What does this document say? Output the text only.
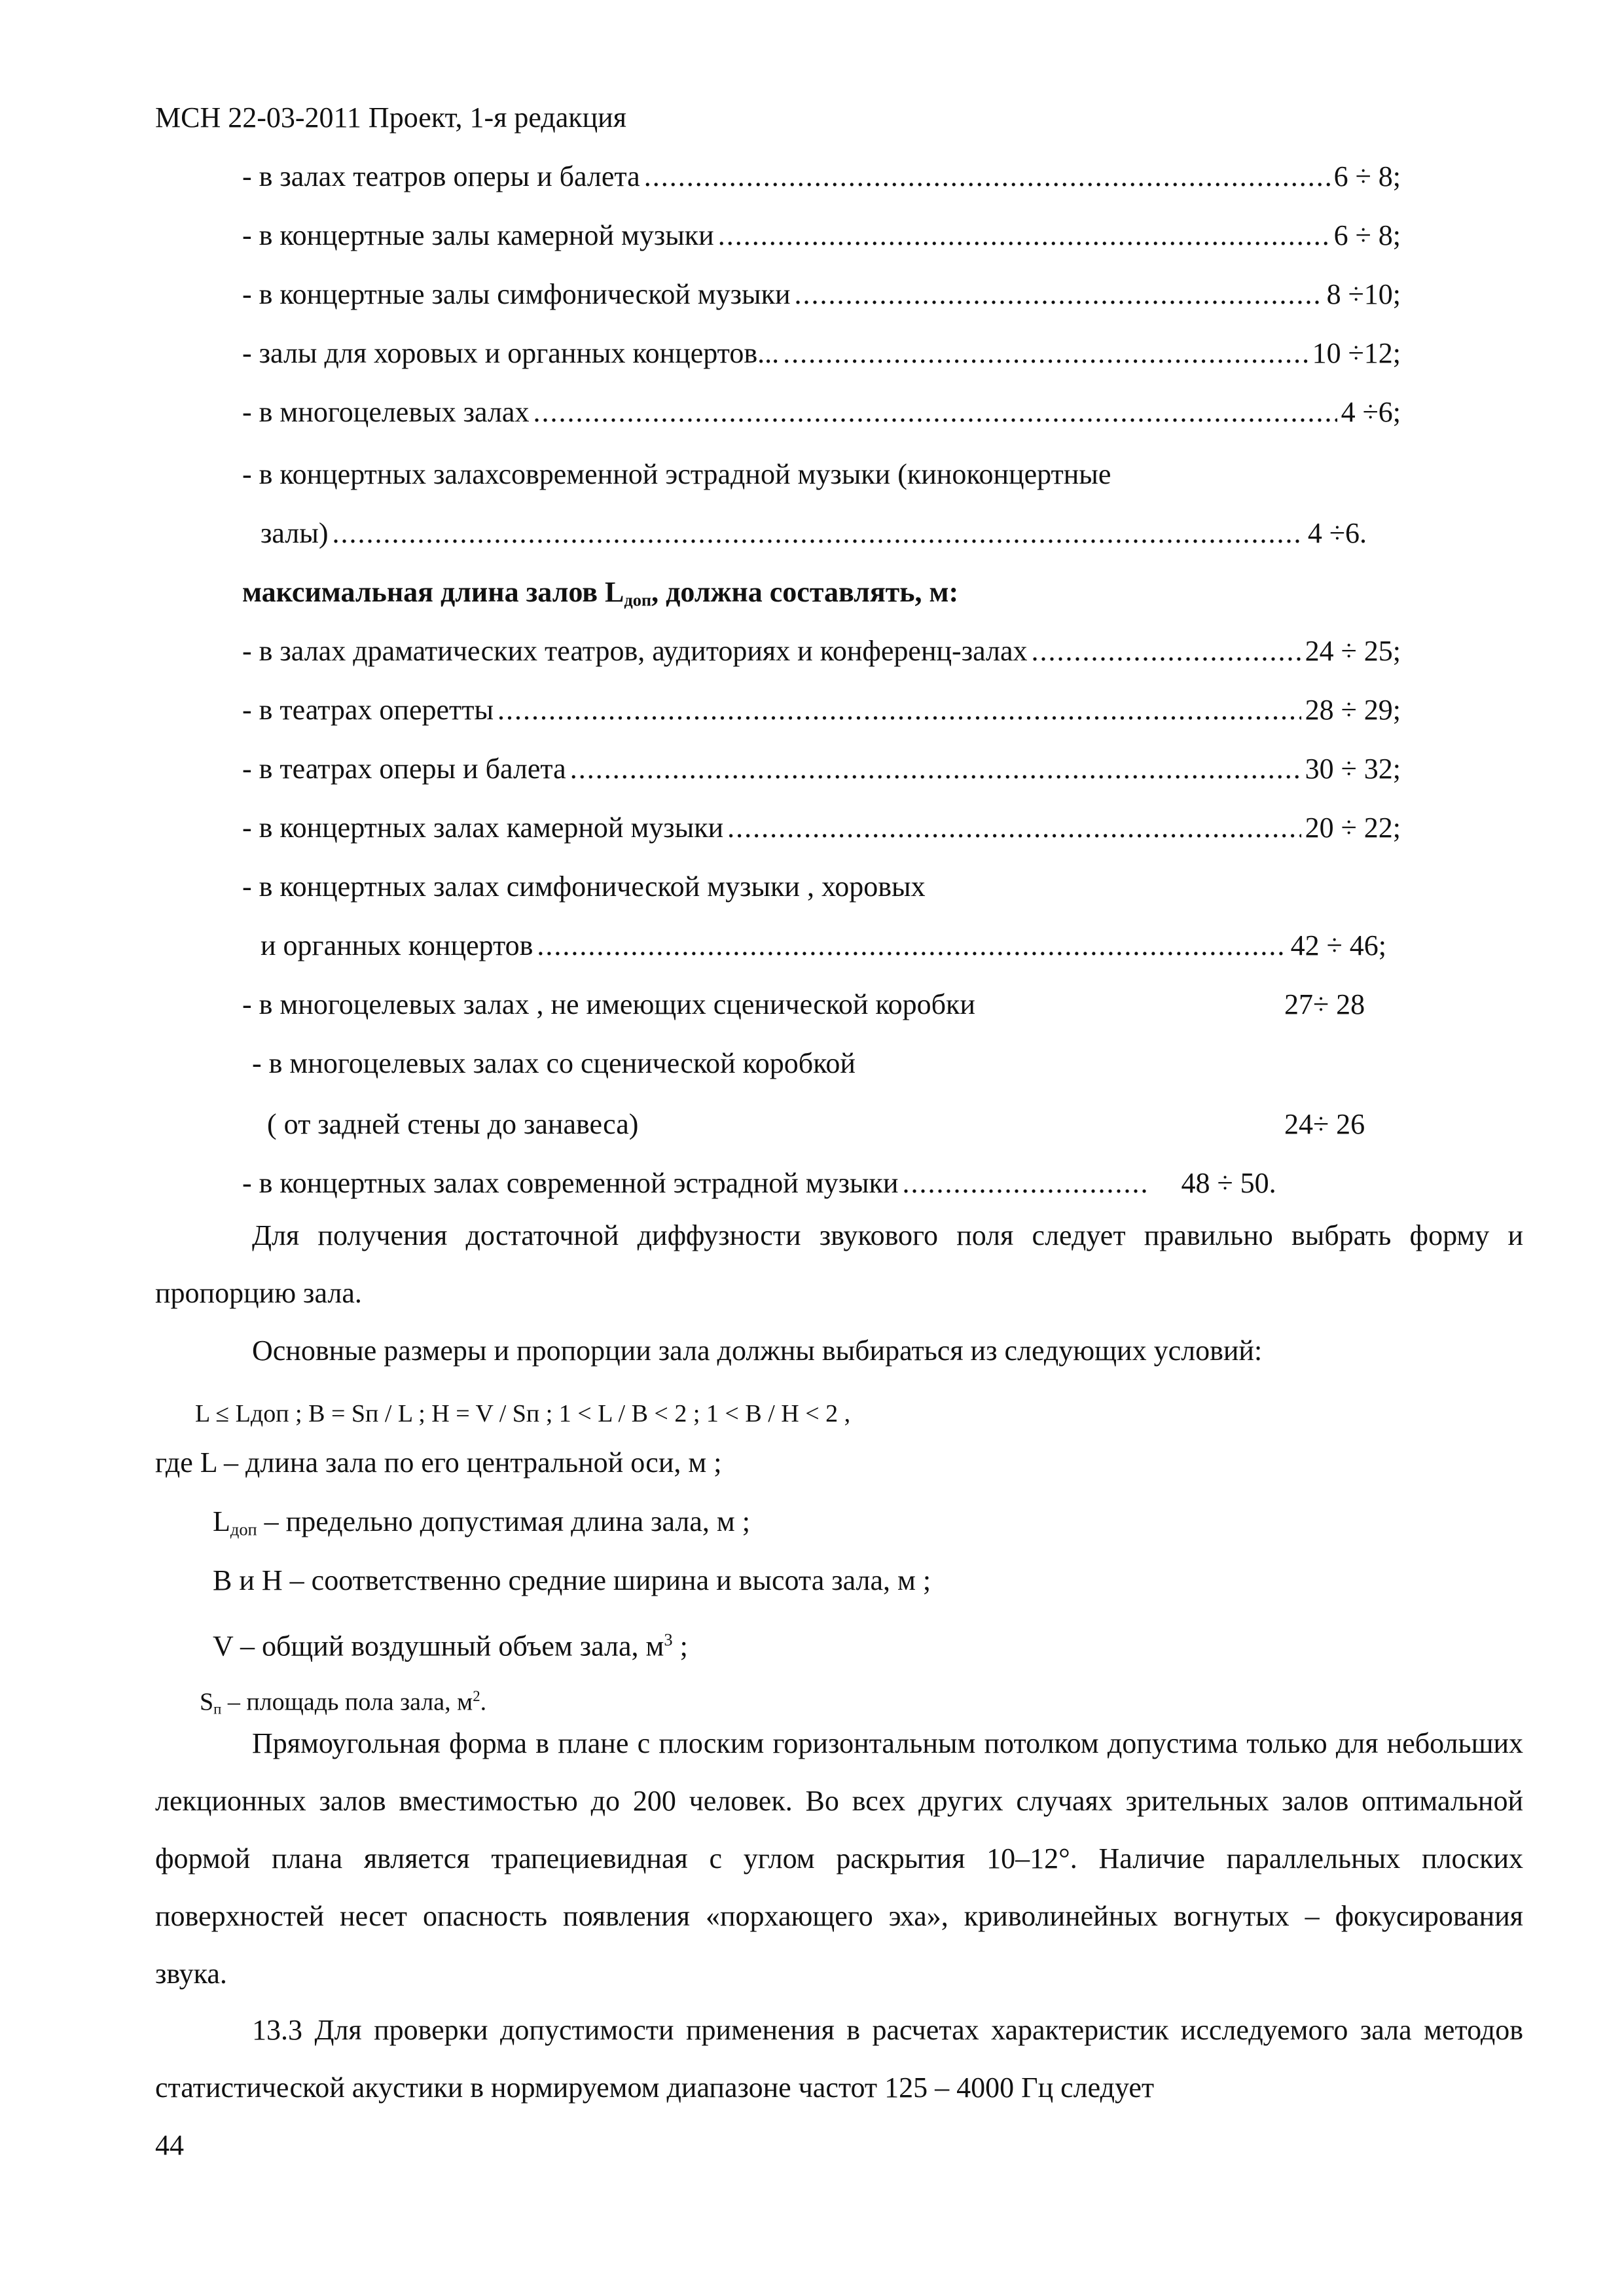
МСН 22-03-2011 Проект, 1-я редакция
- в залах театров оперы и балета .....	6 ÷ 8;
- в концертные залы камерной музыки .....	6 ÷ 8;
- в концертные залы симфонической музыки .....	8 ÷10;
- залы для хоровых и органных концертов... .....	10 ÷12;
- в многоцелевых залах .....	4 ÷6;
- в концертных залахсовременной эстрадной музыки (киноконцертные
залы) .....	4 ÷6.
максимальная длина залов $L_{доп}$, должна составлять, м:
- в залах драматических театров, аудиториях и конференц-залах .....	24 ÷ 25;
- в театрах оперетты .....	28 ÷ 29;
- в театрах оперы и балета .....	30 ÷ 32;
- в концертных залах камерной музыки .....	20 ÷ 22;
- в концертных залах симфонической музыки , хоровых
и органных концертов .....	42 ÷ 46;
- в многоцелевых залах , не имеющих сценической коробки	27÷ 28
- в многоцелевых залах со сценической коробкой
( от задней стены до занавеса)	24÷ 26
- в концертных залах современной эстрадной музыки .....	48 ÷ 50.
Для получения достаточной диффузности звукового поля следует правильно выбрать форму и пропорцию зала.
Основные размеры и пропорции зала должны выбираться из следующих условий:
L ≤ Lдоп ; B = Sп / L ; H = V / Sп ; 1 < L / B < 2 ; 1 < B / H < 2 ,
где L – длина зала по его центральной оси, м ;
$L_{доп}$ – предельно допустимая длина зала, м ;
В и Н – соответственно средние ширина и высота зала, м ;
V – общий воздушный объем зала, $м^3$ ;
$S_п$ – площадь пола зала, $м^2$.
Прямоугольная форма в плане с плоским горизонтальным потолком допустима только для небольших лекционных залов вместимостью до 200 человек. Во всех других случаях зрительных залов оптимальной формой плана является трапециевидная с углом раскрытия 10–12°. Наличие параллельных плоских поверхностей несет опасность появления «порхающего эха», криволинейных вогнутых – фокусирования звука.
13.3 Для проверки допустимости применения в расчетах характеристик исследуемого зала методов статистической акустики в нормируемом диапазоне частот 125 – 4000 Гц следует
44
